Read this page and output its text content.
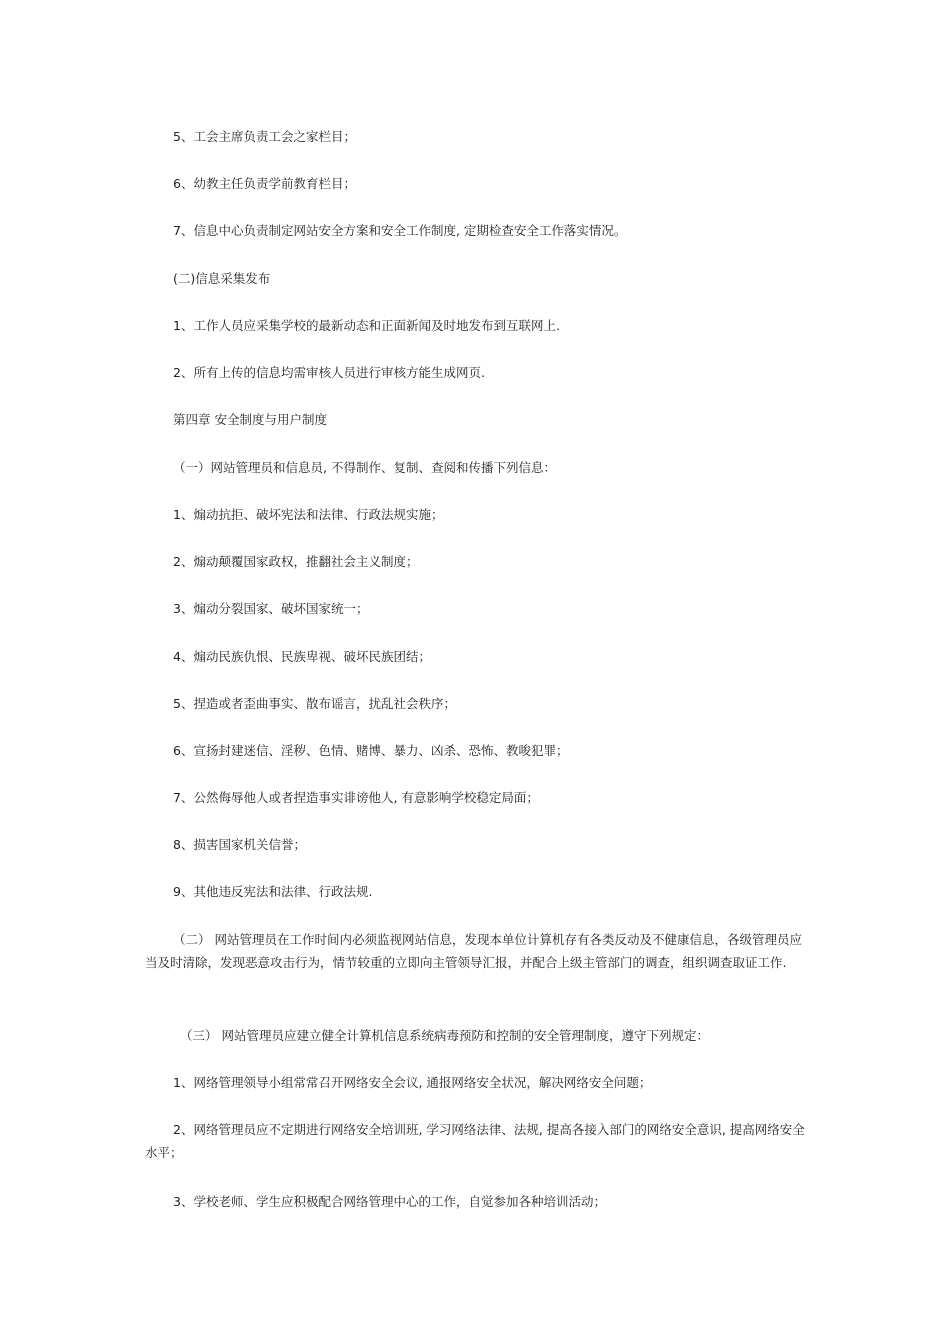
5、工会主席负责工会之家栏目；

6、幼教主任负责学前教育栏目；

7、信息中心负责制定网站安全方案和安全工作制度, 定期检查安全工作落实情况。

(二)信息采集发布

1、工作人员应采集学校的最新动态和正面新闻及时地发布到互联网上.

2、所有上传的信息均需审核人员进行审核方能生成网页.

第四章 安全制度与用户制度

（一）网站管理员和信息员, 不得制作、复制、查阅和传播下列信息：

1、煽动抗拒、破坏宪法和法律、行政法规实施；

2、煽动颠覆国家政权，推翻社会主义制度；

3、煽动分裂国家、破坏国家统一；

4、煽动民族仇恨、民族卑视、破坏民族团结；

5、捏造或者歪曲事实、散布谣言，扰乱社会秩序；

6、宣扬封建迷信、淫秽、色情、赌博、暴力、凶杀、恐怖、教唆犯罪；

7、公然侮辱他人或者捏造事实诽谤他人, 有意影响学校稳定局面；

8、损害国家机关信誉；

9、其他违反宪法和法律、行政法规.

（二） 网站管理员在工作时间内必须监视网站信息，发现本单位计算机存有各类反动及不健康信息，各级管理员应当及时清除，发现恶意攻击行为，情节较重的立即向主管领导汇报，并配合上级主管部门的调查，组织调查取证工作.

（三） 网站管理员应建立健全计算机信息系统病毒预防和控制的安全管理制度，遵守下列规定：

1、网络管理领导小组常常召开网络安全会议, 通报网络安全状况，解决网络安全问题；

2、网络管理员应不定期进行网络安全培训班, 学习网络法律、法规, 提高各接入部门的网络安全意识, 提高网络安全水平；

3、学校老师、学生应积极配合网络管理中心的工作，自觉参加各种培训活动；
